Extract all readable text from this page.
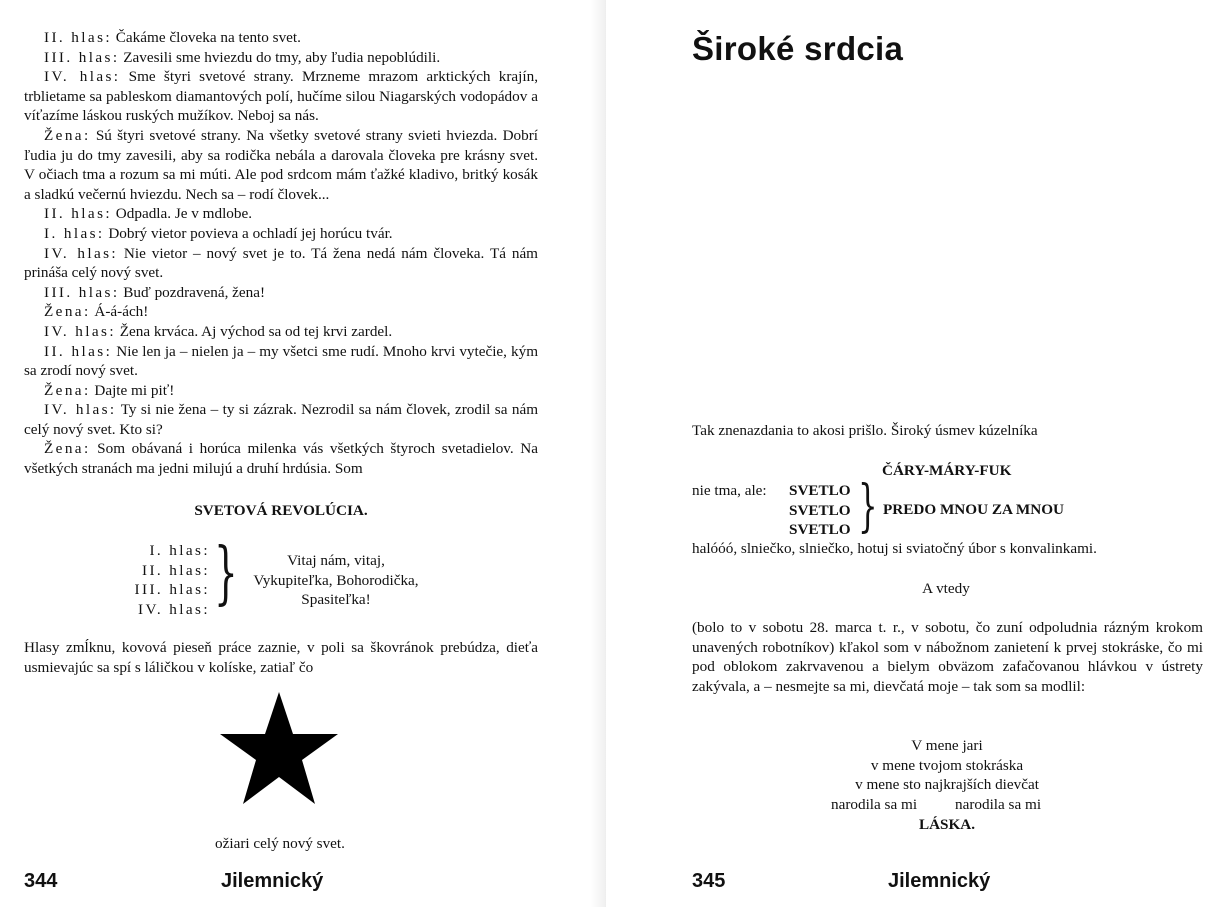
II. hlas: Čakáme človeka na tento svet.

III. hlas: Zavesili sme hviezdu do tmy, aby ľudia nepoblúdili.

IV. hlas: Sme štyri svetové strany. Mrzneme mrazom arktických krajín, trblietame sa pableskom diamantových polí, hučíme silou Niagarských vodopádov a víťazíme láskou ruských mužíkov. Neboj sa nás.

Žena: Sú štyri svetové strany. Na všetky svetové strany svieti hviezda. Dobrí ľudia ju do tmy zavesili, aby sa rodička nebála a darovala človeka pre krásny svet. V očiach tma a rozum sa mi múti. Ale pod srdcom mám ťažké kladivo, britký kosák a sladkú večernú hviezdu. Nech sa – rodí človek...

II. hlas: Odpadla. Je v mdlobe.

I. hlas: Dobrý vietor povieva a ochladí jej horúcu tvár.

IV. hlas: Nie vietor – nový svet je to. Tá žena nedá nám človeka. Tá nám prináša celý nový svet.

III. hlas: Buď pozdravená, žena!

Žena: Á-á-ách!

IV. hlas: Žena krváca. Aj východ sa od tej krvi zardel.

II. hlas: Nie len ja – nielen ja – my všetci sme rudí. Mnoho krvi vytečie, kým sa zrodí nový svet.

Žena: Dajte mi piť!

IV. hlas: Ty si nie žena – ty si zázrak. Nezrodil sa nám človek, zrodil sa nám celý nový svet. Kto si?

Žena: Som obávaná i horúca milenka vás všetkých štyroch svetadielov. Na všetkých stranách ma jedni milujú a druhí hrdúsia. Som

SVETOVÁ REVOLÚCIA.
I. hlas:
II. hlas:
III. hlas:
IV. hlas: }	Vitaj nám, vitaj,
Vykupiteľka, Bohorodička,
Spasiteľka!
Hlasy zmĺknu, kovová pieseň práce zaznie, v poli sa škovránok prebúdza, dieťa usmievajúc sa spí s láličkou v kolíske, zatiaľ čo
ožiari celý nový svet.
344	Jilemnický
Široké srdcia
Tak znenazdania to akosi prišlo. Široký úsmev kúzelníka
ČÁRY-MÁRY-FUK
nie tma, ale: SVETLO
SVETLO
SVETLO } PREDO MNOU ZA MNOU
halóóó, slniečko, slniečko, hotuj si sviatočný úbor s konvalinkami.
A vtedy
(bolo to v sobotu 28. marca t. r., v sobotu, čo zuní odpoludnia rázným krokom unavených robotníkov) kľakol som v nábožnom zanietení k prvej stokráske, čo mi pod oblokom zakrvavenou a bielym obväzom zafačovanou hlávkou v ústrety zakývala, a – nesmejte sa mi, dievčatá moje – tak som sa modlil:
V mene jari
v mene tvojom stokráska
v mene sto najkrajších dievčat
narodila sa mi narodila sa mi
LÁSKA.
345	Jilemnický
